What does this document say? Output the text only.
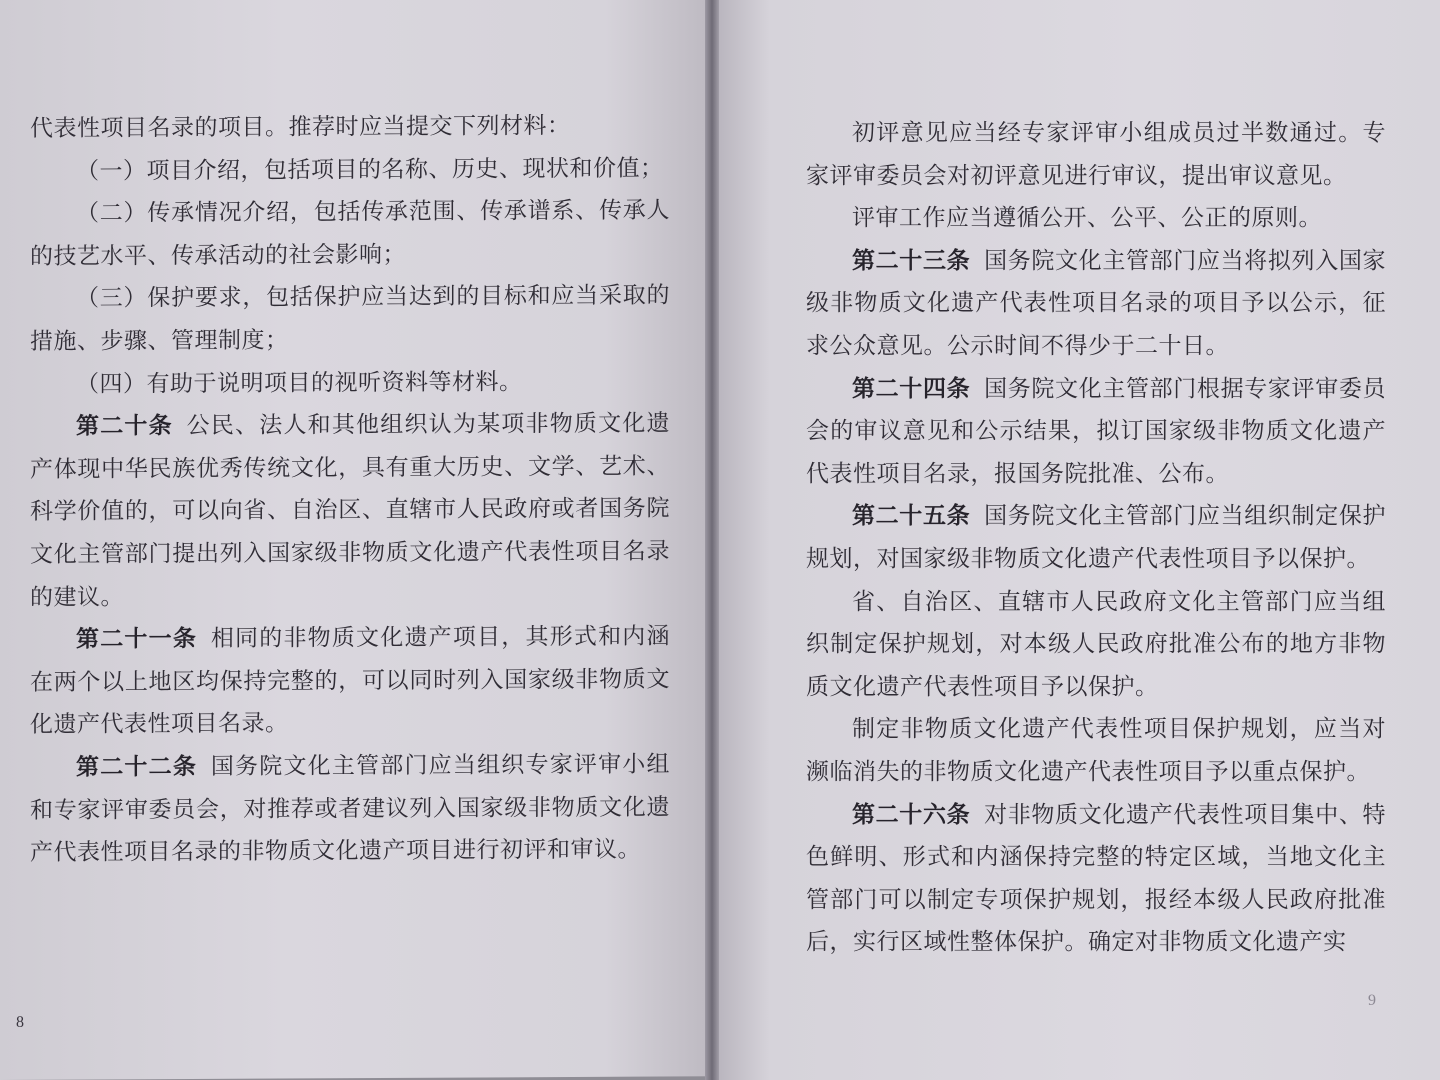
代表性项目名录的项目。推荐时应当提交下列材料：

（一）项目介绍，包括项目的名称、历史、现状和价值；

（二）传承情况介绍，包括传承范围、传承谱系、传承人的技艺水平、传承活动的社会影响；

（三）保护要求，包括保护应当达到的目标和应当采取的措施、步骤、管理制度；

（四）有助于说明项目的视听资料等材料。

第二十条 公民、法人和其他组织认为某项非物质文化遗产体现中华民族优秀传统文化，具有重大历史、文学、艺术、科学价值的，可以向省、自治区、直辖市人民政府或者国务院文化主管部门提出列入国家级非物质文化遗产代表性项目名录的建议。

第二十一条 相同的非物质文化遗产项目，其形式和内涵在两个以上地区均保持完整的，可以同时列入国家级非物质文化遗产代表性项目名录。

第二十二条 国务院文化主管部门应当组织专家评审小组和专家评审委员会，对推荐或者建议列入国家级非物质文化遗产代表性项目名录的非物质文化遗产项目进行初评和审议。

8

初评意见应当经专家评审小组成员过半数通过。专家评审委员会对初评意见进行审议，提出审议意见。

评审工作应当遵循公开、公平、公正的原则。

第二十三条 国务院文化主管部门应当将拟列入国家级非物质文化遗产代表性项目名录的项目予以公示，征求公众意见。公示时间不得少于二十日。

第二十四条 国务院文化主管部门根据专家评审委员会的审议意见和公示结果，拟订国家级非物质文化遗产代表性项目名录，报国务院批准、公布。

第二十五条 国务院文化主管部门应当组织制定保护规划，对国家级非物质文化遗产代表性项目予以保护。

省、自治区、直辖市人民政府文化主管部门应当组织制定保护规划，对本级人民政府批准公布的地方非物质文化遗产代表性项目予以保护。

制定非物质文化遗产代表性项目保护规划，应当对濒临消失的非物质文化遗产代表性项目予以重点保护。

第二十六条 对非物质文化遗产代表性项目集中、特色鲜明、形式和内涵保持完整的特定区域，当地文化主管部门可以制定专项保护规划，报经本级人民政府批准后，实行区域性整体保护。确定对非物质文化遗产实

9
